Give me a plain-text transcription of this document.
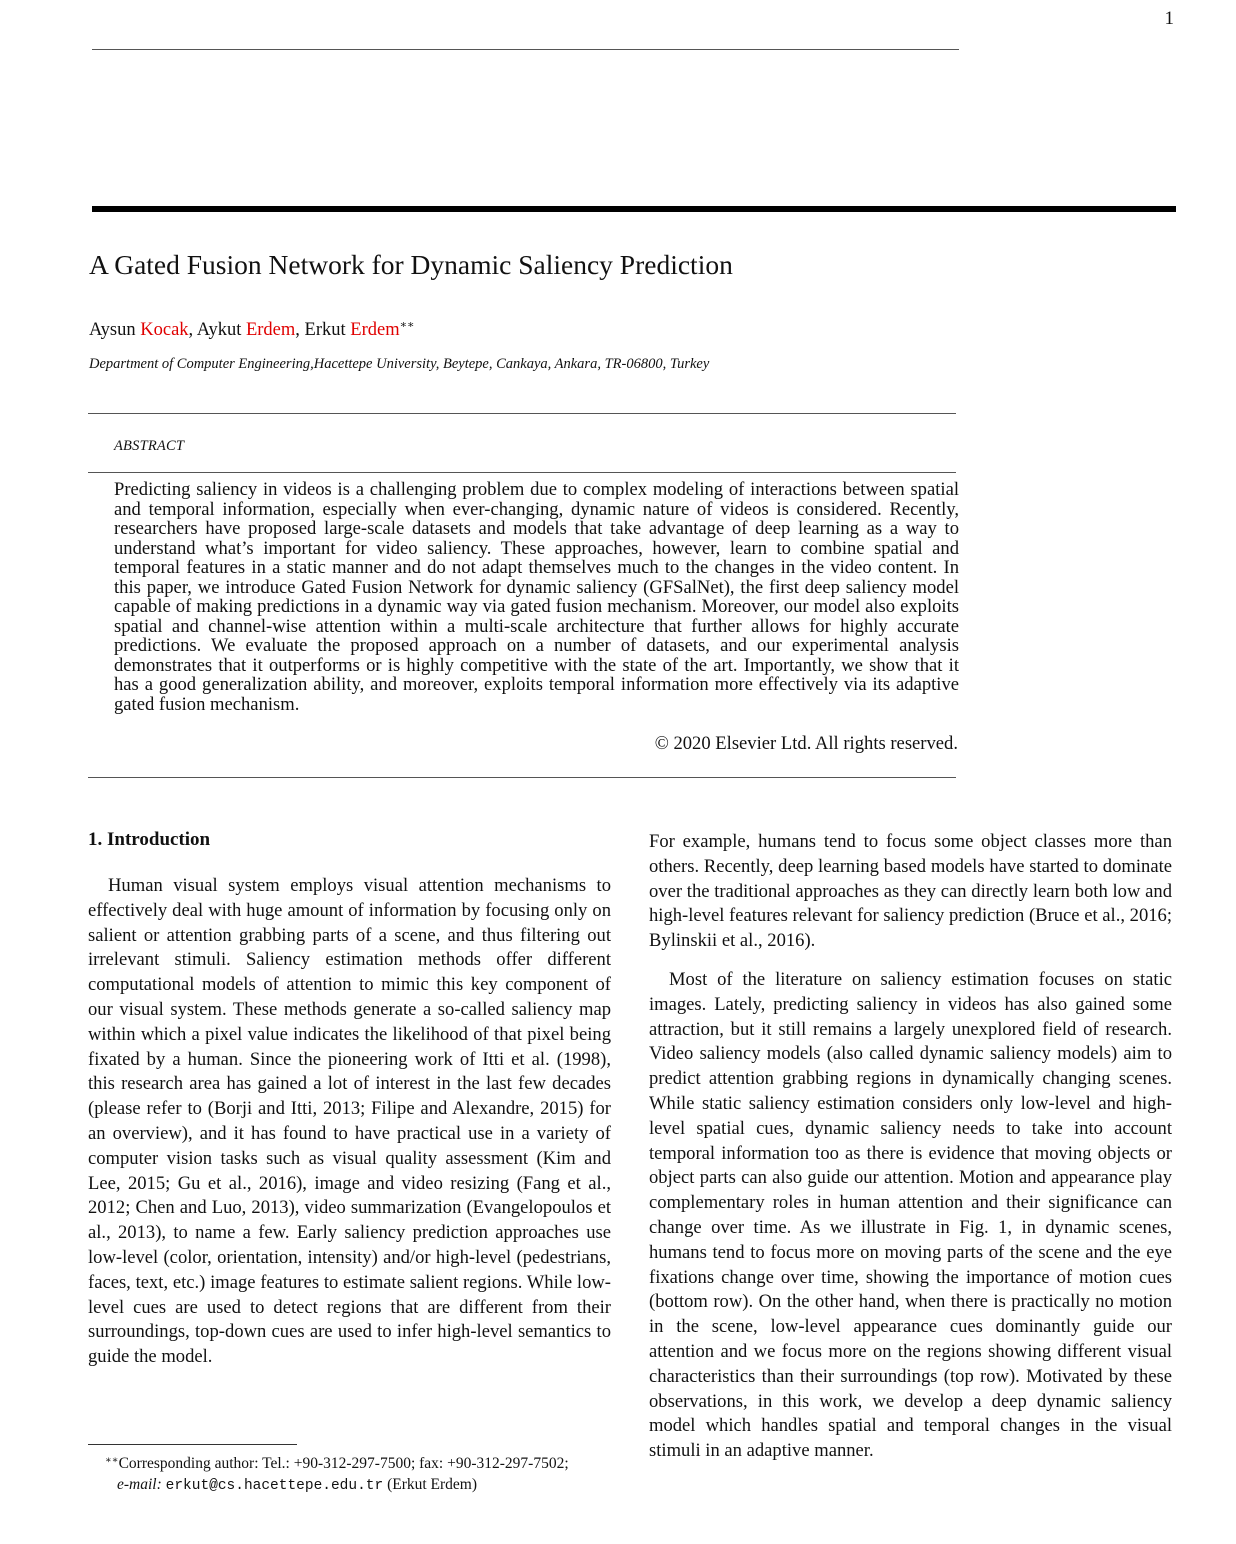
1
A Gated Fusion Network for Dynamic Saliency Prediction
Aysun Kocak, Aykut Erdem, Erkut Erdem∗∗
Department of Computer Engineering,Hacettepe University, Beytepe, Cankaya, Ankara, TR-06800, Turkey
ABSTRACT
Predicting saliency in videos is a challenging problem due to complex modeling of interactions between spatial and temporal information, especially when ever-changing, dynamic nature of videos is considered. Recently, researchers have proposed large-scale datasets and models that take advantage of deep learning as a way to understand what’s important for video saliency. These approaches, however, learn to combine spatial and temporal features in a static manner and do not adapt themselves much to the changes in the video content. In this paper, we introduce Gated Fusion Network for dynamic saliency (GFSalNet), the first deep saliency model capable of making predictions in a dynamic way via gated fusion mechanism. Moreover, our model also exploits spatial and channel-wise attention within a multi-scale architecture that further allows for highly accurate predictions. We evaluate the proposed approach on a number of datasets, and our experimental analysis demonstrates that it outperforms or is highly competitive with the state of the art. Importantly, we show that it has a good generalization ability, and moreover, exploits temporal information more effectively via its adaptive gated fusion mechanism.
© 2020 Elsevier Ltd. All rights reserved.
1. Introduction

Human visual system employs visual attention mechanisms to effectively deal with huge amount of information by focusing only on salient or attention grabbing parts of a scene, and thus filtering out irrelevant stimuli. Saliency estimation methods offer different computational models of attention to mimic this key component of our visual system. These methods generate a so-called saliency map within which a pixel value indicates the likelihood of that pixel being fixated by a human. Since the pioneering work of Itti et al. (1998), this research area has gained a lot of interest in the last few decades (please refer to (Borji and Itti, 2013; Filipe and Alexandre, 2015) for an overview), and it has found to have practical use in a variety of computer vision tasks such as visual quality assessment (Kim and Lee, 2015; Gu et al., 2016), image and video resizing (Fang et al., 2012; Chen and Luo, 2013), video summarization (Evangelopoulos et al., 2013), to name a few. Early saliency prediction approaches use low-level (color, orientation, intensity) and/or high-level (pedestrians, faces, text, etc.) image features to estimate salient regions. While low-level cues are used to detect regions that are different from their surroundings, top-down cues are used to infer high-level semantics to guide the model.

For example, humans tend to focus some object classes more than others. Recently, deep learning based models have started to dominate over the traditional approaches as they can directly learn both low and high-level features relevant for saliency prediction (Bruce et al., 2016; Bylinskii et al., 2016).

Most of the literature on saliency estimation focuses on static images. Lately, predicting saliency in videos has also gained some attraction, but it still remains a largely unexplored field of research. Video saliency models (also called dynamic saliency models) aim to predict attention grabbing regions in dynamically changing scenes. While static saliency estimation considers only low-level and high-level spatial cues, dynamic saliency needs to take into account temporal information too as there is evidence that moving objects or object parts can also guide our attention. Motion and appearance play complementary roles in human attention and their significance can change over time. As we illustrate in Fig. 1, in dynamic scenes, humans tend to focus more on moving parts of the scene and the eye fixations change over time, showing the importance of motion cues (bottom row). On the other hand, when there is practically no motion in the scene, low-level appearance cues dominantly guide our attention and we focus more on the regions showing different visual characteristics than their surroundings (top row). Motivated by these observations, in this work, we develop a deep dynamic saliency model which handles spatial and temporal changes in the visual stimuli in an adaptive manner.

∗∗Corresponding author: Tel.: +90-312-297-7500; fax: +90-312-297-7502;
e-mail: erkut@cs.hacettepe.edu.tr (Erkut Erdem)
